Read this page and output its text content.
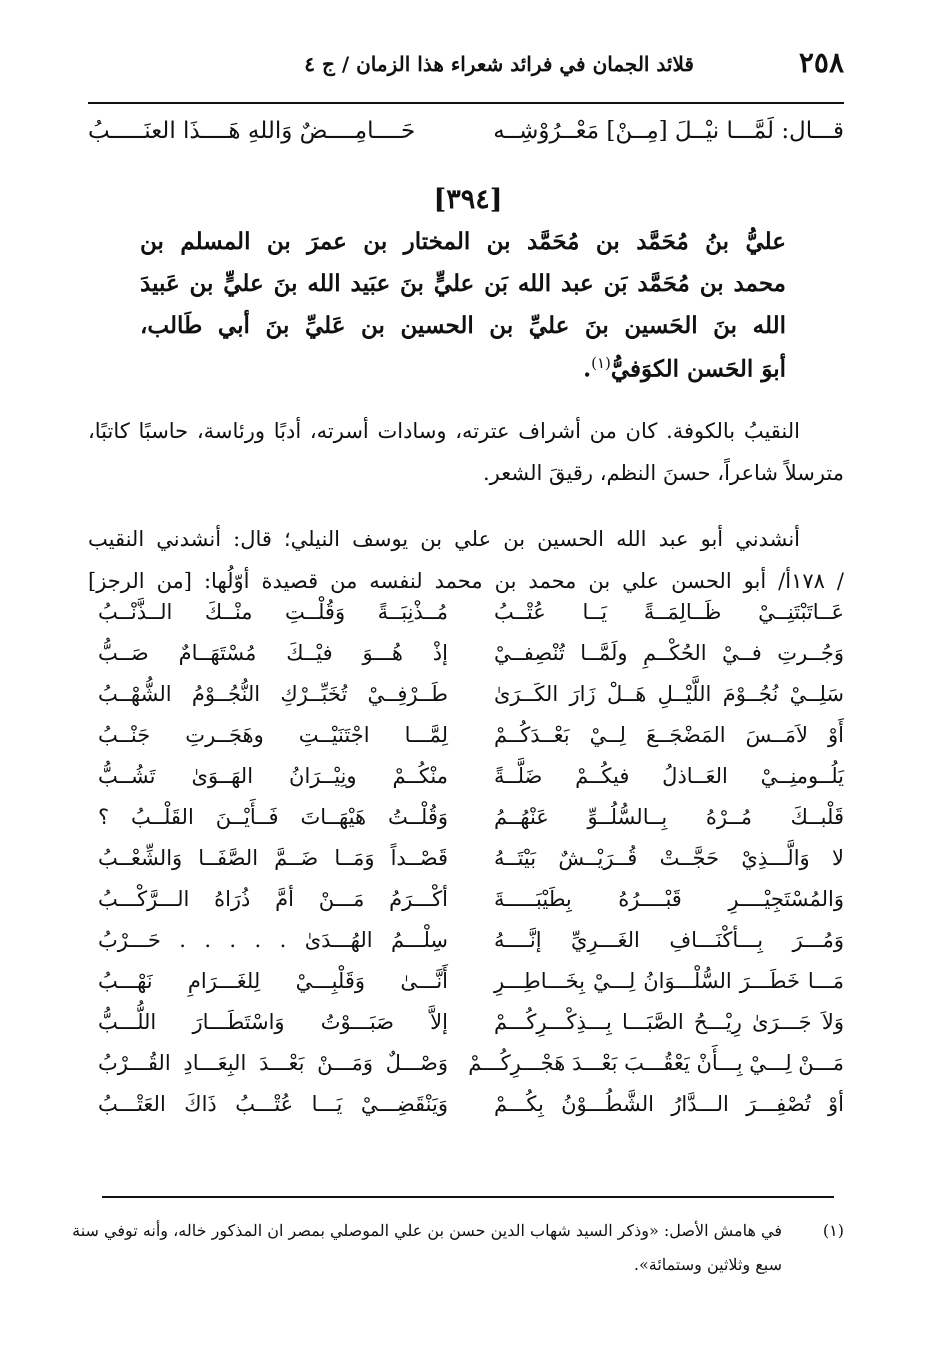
٢٥٨
قلائد الجمان في فرائد شعراء هذا الزمان / ج ٤
قـــال:
لَمَّـــا نيْــلَ [مِــنْ] مَعْــرُوْشِــه
حَــــامِــــضٌ وَاللهِ هَــــذَا العنَـــــبُ
[٣٩٤]
عليُّ بنُ مُحَمَّد بن مُحَمَّد بن المختار بن عمرَ بن المسلم بن
محمد بن مُحَمَّد بَن عبد الله بَن عليٍّ بنَ عبَيد الله بنَ عليٍّ بن عَبيدَ
الله بنَ الحَسين بنَ عليِّ بن الحسين بن عَليِّ بنَ أبي طَالب،
أبوَ الحَسن الكوَفيُّ$^{(١)}$.
النقيبُ بالكوفة. كان من أشراف عترته، وسادات أسرته، أدبًا ورئاسة، حاسبًا كاتبًا،
مترسلاً شاعراً، حسنَ النظم، رقيقَ الشعر.
أنشدني أبو عبد الله الحسين بن علي بن يوسف النيلي؛ قال: أنشدني النقيب
/ ١٧٨أ/ أبو الحسن علي بن محمد بن محمد لنفسه من قصيدة أوّلُها: [من الرجز]
عَــاتَبْتَنِــيْ ظَــالِمَــةً يَــا عُتْــبُ
مُــذْنِبَــةً وَقُلْــتِ منْــكَ الــذَّنْــبُ
وَجُــرتِ فــيْ الحُكْــمِ ولَمَّــا تُنْصِفــيْ
إذْ هُـــوَ فيْــكَ مُسْتَهَــامٌ صَــبُّ
سَلِــيْ نُجُــوْمَ اللَّيْــلِ هَــلْ زَارَ الكَــرَىٰ
طَــرْفِــيْ تُخَبِّــرْكِ النُّجُــوْمُ الشُّهْــبُ
أَوْ لاَمَــسَ المَضْجَــعَ لِــيْ بَعْــدَكُــمْ
لِمَّـــا اجْتَنَيْــتِ وهَجَــرتِ جَنْــبُ
يَلُــومنِــيْ العَــاذلُ فيكُــمْ ضَلَّــةً
منْكُــمْ ونِيْــرَانُ الهَــوَىٰ تَشُــبُّ
قَلْبــكَ مُــرْهُ بِــالسُّلُــوِّ عَنْهُــمُ
وَقُلْــتُ هَيْهَــاتَ فَــأَيْــنَ القَلْــبُ ؟
لا وَالَّـــذِيْ حَجَّــتْ قُــرَيْــشٌ بَيْتَــهُ
قَصْــداً وَمَــا ضَــمَّ الصَّفَــا وَالشِّعْــبُ
وَالمُسْتَجِيْــــرِ قَبْــــرُهُ بِطَيْبَـــــةَ
أكْـــرَمُ مَـــنْ أمَّ ذُرَاهُ الـــرَّكْـــبُ
وَمُـــرَ بِـــأكْنَـــافِ الغَـــرِيِّ إنَّــــهُ
سِلْـــمُ الهُـــدَىٰ . . . . . حَـــرْبُ
مَـــا خَطَـــرَ السُّلْـــوَانُ لِـــيْ بِخَـــاطِـــرِ
أَنَّـــىٰ وَقَلْبِـــيْ لِلغَـــرَامِ نَهْـــبُ
وَلاَ جَـــرَىٰ رِيْـــحُ الصَّبَـــا بِـــذِكْـــرِكُـــمْ
إلاَّ صَبَـــوْتُ وَاسْتَطَـــارَ اللُّـــبُّ
مَـــنْ لِـــيْ بِـــأَنْ يَعْقُـــبَ بَعْـــدَ هَجْـــرِكُـــمْ
وَصْـــلٌ وَمَـــنْ بَعْـــدَ البِعَـــادِ القُـــرْبُ
أوْ تُصْفِـــرَ الـــدَّارُ الشَّطُـــوْنُ بِكُـــمْ
وَيَنْقَضِـــيْ يَـــا عُتْـــبُ ذَاكَ العَتْـــبُ
(١)
في هامش الأصل: «وذكر السيد شهاب الدين حسن بن علي الموصلي بمصر ان المذكور خاله، وأنه توفي سنة
سبع وثلاثين وستمائة».
